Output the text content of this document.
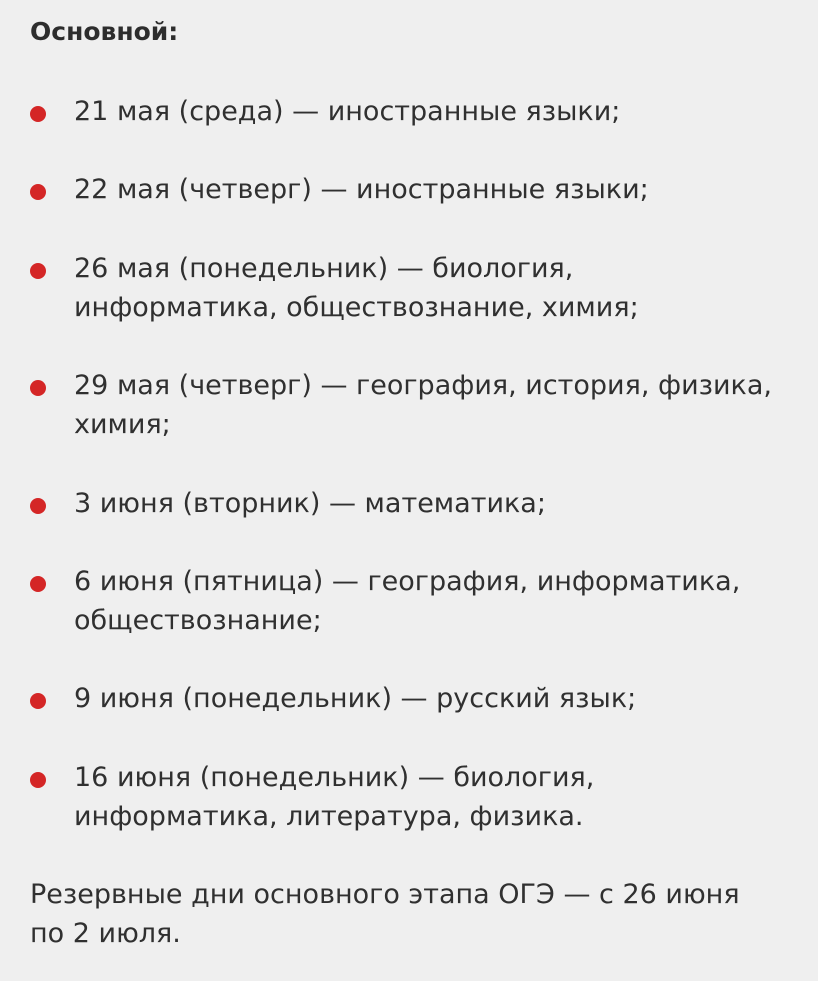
Основной:
21 мая (среда) — иностранные языки;
22 мая (четверг) — иностранные языки;
26 мая (понедельник) — биология,
информатика, обществознание, химия;
29 мая (четверг) — география, история, физика,
химия;
3 июня (вторник) — математика;
6 июня (пятница) — география, информатика,
обществознание;
9 июня (понедельник) — русский язык;
16 июня (понедельник) — биология,
информатика, литература, физика.

Резервные дни основного этапа ОГЭ — с 26 июня
по 2 июля.
